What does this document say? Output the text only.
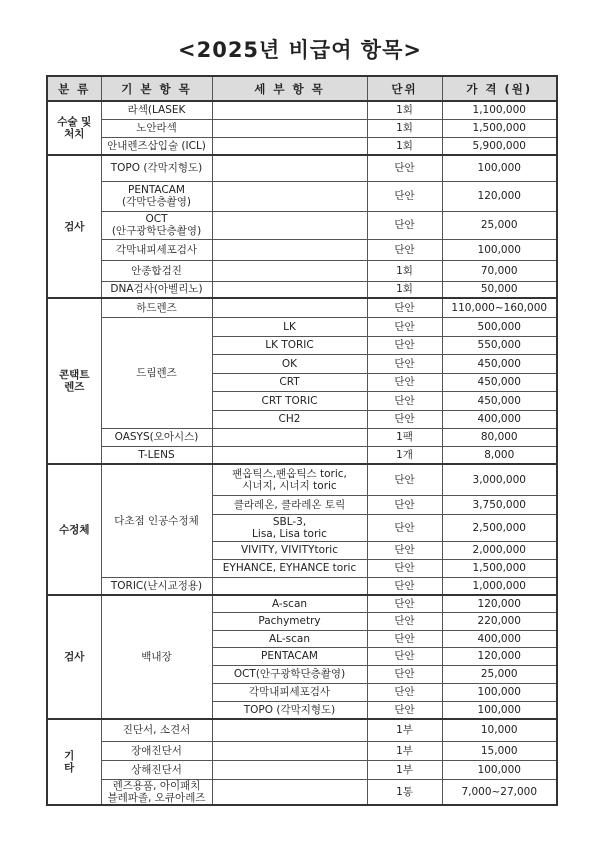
<2025년 비급여 항목>
분 류	기 본 항 목	세 부 항 목	단위	가 격 (원)
수술 및
처치	라섹(LASEK		1회	1,100,000
	노안라섹		1회	1,500,000
	안내렌즈삽입술 (ICL)		1회	5,900,000
검사	TOPO (각막지형도)		단안	100,000
	PENTACAM
(각막단층촬영)		단안	120,000
	OCT
(안구광학단층촬영)		단안	25,000
	각막내피세포검사		단안	100,000
	안종합검진		1회	70,000
	DNA검사(아벨리노)		1회	50,000
콘택트
렌즈	하드렌즈		단안	110,000~160,000
	드림렌즈	LK	단안	500,000
		LK TORIC	단안	550,000
		OK	단안	450,000
		CRT	단안	450,000
		CRT TORIC	단안	450,000
		CH2	단안	400,000
	OASYS(오아시스)		1팩	80,000
	T-LENS		1개	8,000
수정체	다초점 인공수정체	팬옵틱스,팬옵틱스 toric,
시너지, 시너지 toric	단안	3,000,000
		클라레온, 클라레온 토릭	단안	3,750,000
		SBL-3,
Lisa, Lisa toric	단안	2,500,000
		VIVITY, VIVITYtoric	단안	2,000,000
		EYHANCE, EYHANCE toric	단안	1,500,000
	TORIC(난시교정용)		단안	1,000,000
검사	백내장	A-scan	단안	120,000
		Pachymetry	단안	220,000
		AL-scan	단안	400,000
		PENTACAM	단안	120,000
		OCT(안구광학단층촬영)	단안	25,000
		각막내피세포검사	단안	100,000
		TOPO (각막지형도)	단안	100,000
기 타	진단서, 소견서		1부	10,000
	장애진단서		1부	15,000
	상해진단서		1부	100,000
	렌즈용품, 아이패치
블레파졸, 오큐아레즈		1통	7,000~27,000
